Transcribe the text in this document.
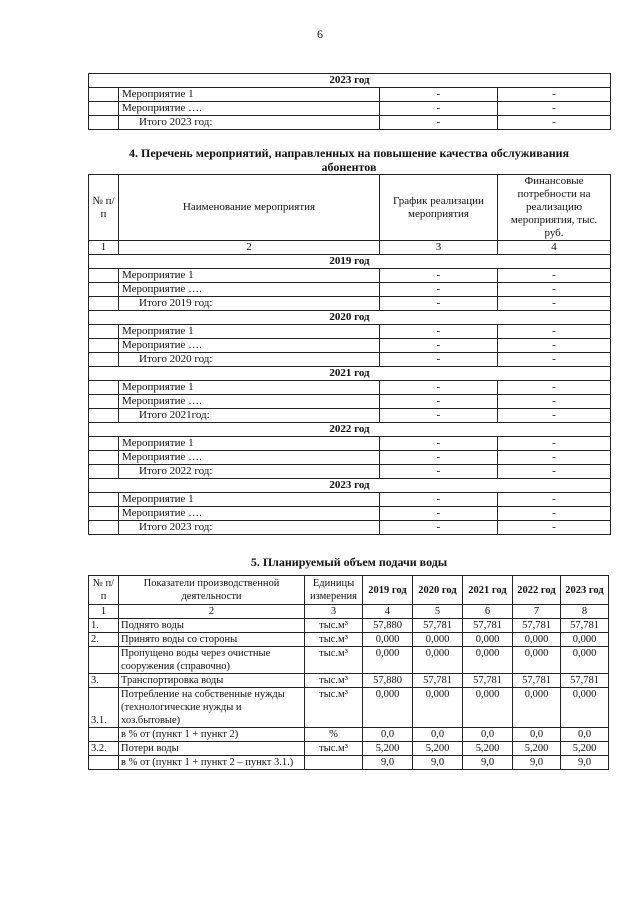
6
2023 год			
	Мероприятие 1	-	-
	Мероприятие ….	-	-
	Итого 2023 год:	-	-
4. Перечень мероприятий, направленных на повышение качества обслуживания
абонентов
№ п/п	Наименование мероприятия	График реализации мероприятия	Финансовые потребности на реализацию мероприятия, тыс. руб.
1	2	3	4
2019 год			
	Мероприятие 1	-	-
	Мероприятие ….	-	-
	Итого 2019 год:	-	-
2020 год			
	Мероприятие 1	-	-
	Мероприятие ….	-	-
	Итого 2020 год:	-	-
2021 год			
	Мероприятие 1	-	-
	Мероприятие ….	-	-
	Итого 2021год:	-	-
2022 год			
	Мероприятие 1	-	-
	Мероприятие ….	-	-
	Итого 2022 год:	-	-
2023 год			
	Мероприятие 1	-	-
	Мероприятие ….	-	-
	Итого 2023 год:	-	-
5. Планируемый объем подачи воды
№ п/п	Показатели производственной деятельности	Единицы измерения	2019 год	2020 год	2021 год	2022 год	2023 год
1	2	3	4	5	6	7	8
1.	Поднято воды	тыс.м³	57,880	57,781	57,781	57,781	57,781
2.	Принято воды со стороны	тыс.м³	0,000	0,000	0,000	0,000	0,000
	Пропущено воды через очистные сооружения (справочно)	тыс.м³	0,000	0,000	0,000	0,000	0,000
3.	Транспортировка воды	тыс.м³	57,880	57,781	57,781	57,781	57,781
3.1.	Потребление на собственные нужды (технологические нужды и хоз.бытовые)	тыс.м³	0,000	0,000	0,000	0,000	0,000
	в % от (пункт 1 + пункт 2)	%	0,0	0,0	0,0	0,0	0,0
3.2.	Потери воды	тыс.м³	5,200	5,200	5,200	5,200	5,200
	в % от (пункт 1 + пункт 2 – пункт 3.1.)		9,0	9,0	9,0	9,0	9,0
